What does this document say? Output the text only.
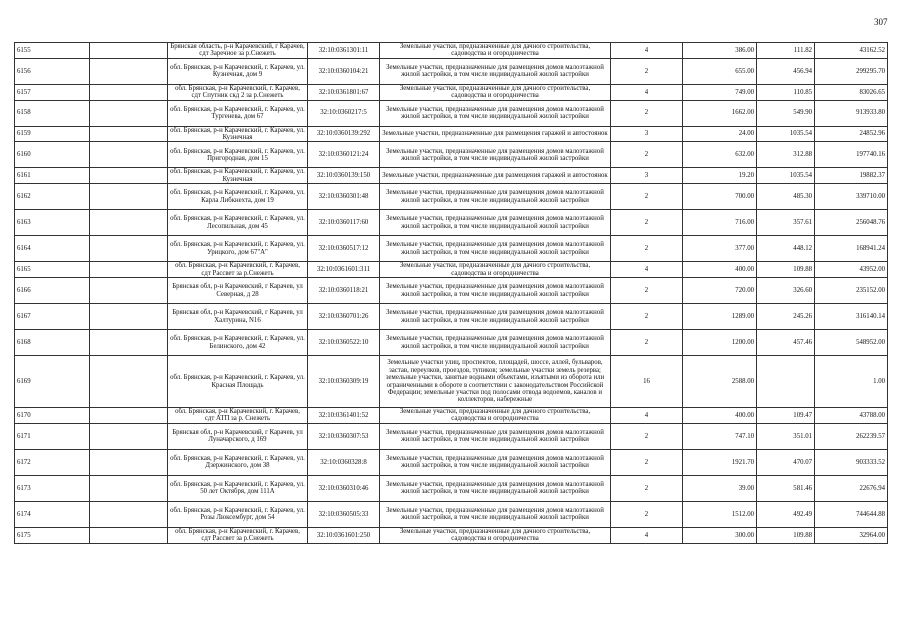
307
6155		Брянская область, р-н Карачевский, г Карачев, сдт Заречное за р.Снежеть	32:10:0361301:11	Земельные участки, предназначенные для дачного строительства, садоводства и огородничества	4	386.00	111.82	43162.52
6156		обл. Брянская, р-н Карачевский, г. Карачев, ул. Кузнечная, дом 9	32:10:0360104:21	Земельные участки, предназначенные для размещения домов малоэтажной жилой застройки, в том числе индивидуальной жилой застройки	2	655.00	456.94	299295.70
6157		обл. Брянская, р-н Карачевский, г. Карачев, сдт Спутник скд 2 за р.Снежеть	32:10:0361801:67	Земельные участки, предназначенные для дачного строительства, садоводства и огородничества	4	749.00	110.85	83026.65
6158		обл. Брянская, р-н Карачевский, г. Карачев, ул. Тургенева, дом 67	32:10:0360217:5	Земельные участки, предназначенные для размещения домов малоэтажной жилой застройки, в том числе индивидуальной жилой застройки	2	1662.00	549.90	913933.80
6159		обл. Брянская, р-н Карачевский, г. Карачев, ул. Кузнечная	32:10:0360139:292	Земельные участки, предназначенные для размещения гаражей и автостоянок	3	24.00	1035.54	24852.96
6160		обл. Брянская, р-н Карачевский, г. Карачев, ул. Пригородная, дом 15	32:10:0360121:24	Земельные участки, предназначенные для размещения домов малоэтажной жилой застройки, в том числе индивидуальной жилой застройки	2	632.00	312.88	197740.16
6161		обл. Брянская, р-н Карачевский, г. Карачев, ул. Кузнечная	32:10:0360139:150	Земельные участки, предназначенные для размещения гаражей и автостоянок	3	19.20	1035.54	19882.37
6162		обл. Брянская, р-н Карачевский, г. Карачев, ул. Карла Либкнехта, дом 19	32:10:0360301:48	Земельные участки, предназначенные для размещения домов малоэтажной жилой застройки, в том числе индивидуальной жилой застройки	2	700.00	485.30	339710.00
6163		обл. Брянская, р-н Карачевский, г. Карачев, ул. Лесопильная, дом 45	32:10:0360117:60	Земельные участки, предназначенные для размещения домов малоэтажной жилой застройки, в том числе индивидуальной жилой застройки	2	716.00	357.61	256048.76
6164		обл. Брянская, р-н Карачевский, г. Карачев, ул. Урицкого, дом 67"А"	32:10:0360517:12	Земельные участки, предназначенные для размещения домов малоэтажной жилой застройки, в том числе индивидуальной жилой застройки	2	377.00	448.12	168941.24
6165		обл. Брянская, р-н Карачевский, г. Карачев, сдт Рассвет за р.Снежеть	32:10:0361601:311	Земельные участки, предназначенные для дачного строительства, садоводства и огородничества	4	400.00	109.88	43952.00
6166		Брянская обл, р-н Карачевский, г Карачев, ул Северная, д 28	32:10:0360118:21	Земельные участки, предназначенные для размещения домов малоэтажной жилой застройки, в том числе индивидуальной жилой застройки	2	720.00	326.60	235152.00
6167		Брянская обл, р-н Карачевский, г Карачев, ул Халтурина, N16	32:10:0360701:26	Земельные участки, предназначенные для размещения домов малоэтажной жилой застройки, в том числе индивидуальной жилой застройки	2	1289.00	245.26	316140.14
6168		обл. Брянская, р-н Карачевский, г. Карачев, ул. Белинского, дом 42	32:10:0360522:10	Земельные участки, предназначенные для размещения домов малоэтажной жилой застройки, в том числе индивидуальной жилой застройки	2	1200.00	457.46	548952.00
6169		обл. Брянская, р-н Карачевский, г. Карачев, ул. Красная Площадь	32:10:0360309:19	Земельные участки улиц, проспектов, площадей, шоссе, аллей, бульваров, застав, переулков, проездов, тупиков; земельные участки земель резерва; земельные участки, занятые водными объектами, изъятыми из оборота или ограниченными в обороте в соответствии с законодательством Российской Федерации; земельные участки под полосами отвода водоемов, каналов и коллекторов, набережные	16	2588.00		1.00
6170		обл. Брянская, р-н Карачевский, г. Карачев, сдт АТП за р. Снежеть	32:10:0361401:52	Земельные участки, предназначенные для дачного строительства, садоводства и огородничества	4	400.00	109.47	43788.00
6171		Брянская обл, р-н Карачевский, г Карачев, ул Луначарского, д 169	32:10:0360307:53	Земельные участки, предназначенные для размещения домов малоэтажной жилой застройки, в том числе индивидуальной жилой застройки	2	747.10	351.01	262239.57
6172		обл. Брянская, р-н Карачевский, г. Карачев, ул. Дзержинского, дом 38	32:10:0360328:8	Земельные участки, предназначенные для размещения домов малоэтажной жилой застройки, в том числе индивидуальной жилой застройки	2	1921.70	470.07	903333.52
6173		обл. Брянская, р-н Карачевский, г. Карачев, ул. 50 лет Октября, дом 111А	32:10:0360310:46	Земельные участки, предназначенные для размещения домов малоэтажной жилой застройки, в том числе индивидуальной жилой застройки	2	39.00	581.46	22676.94
6174		обл. Брянская, р-н Карачевский, г. Карачев, ул. Розы Люксембург, дом 54	32:10:0360505:33	Земельные участки, предназначенные для размещения домов малоэтажной жилой застройки, в том числе индивидуальной жилой застройки	2	1512.00	492.49	744644.88
6175		обл. Брянская, р-н Карачевский, г. Карачев, сдт Рассвет за р.Снежеть	32:10:0361601:250	Земельные участки, предназначенные для дачного строительства, садоводства и огородничества	4	300.00	109.88	32964.00
